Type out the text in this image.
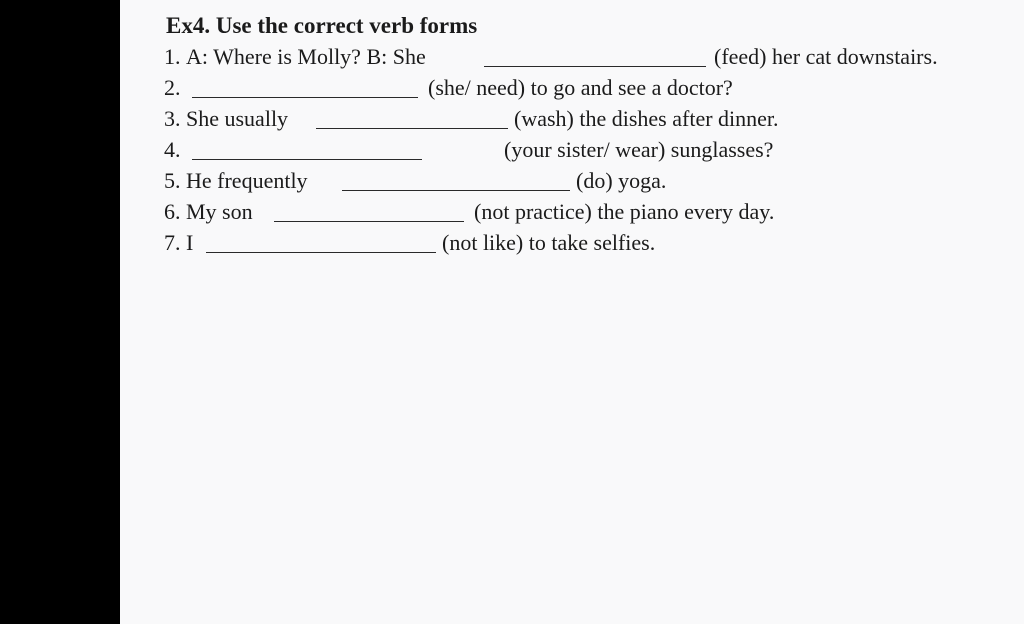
Ex4. Use the correct verb forms
1. A: Where is Molly? B: She	(feed) her cat downstairs.
2.	(she/ need) to go and see a doctor?
3. She usually	(wash) the dishes after dinner.
4.	(your sister/ wear) sunglasses?
5. He frequently	(do) yoga.
6. My son	(not practice) the piano every day.
7. I	(not like) to take selfies.
